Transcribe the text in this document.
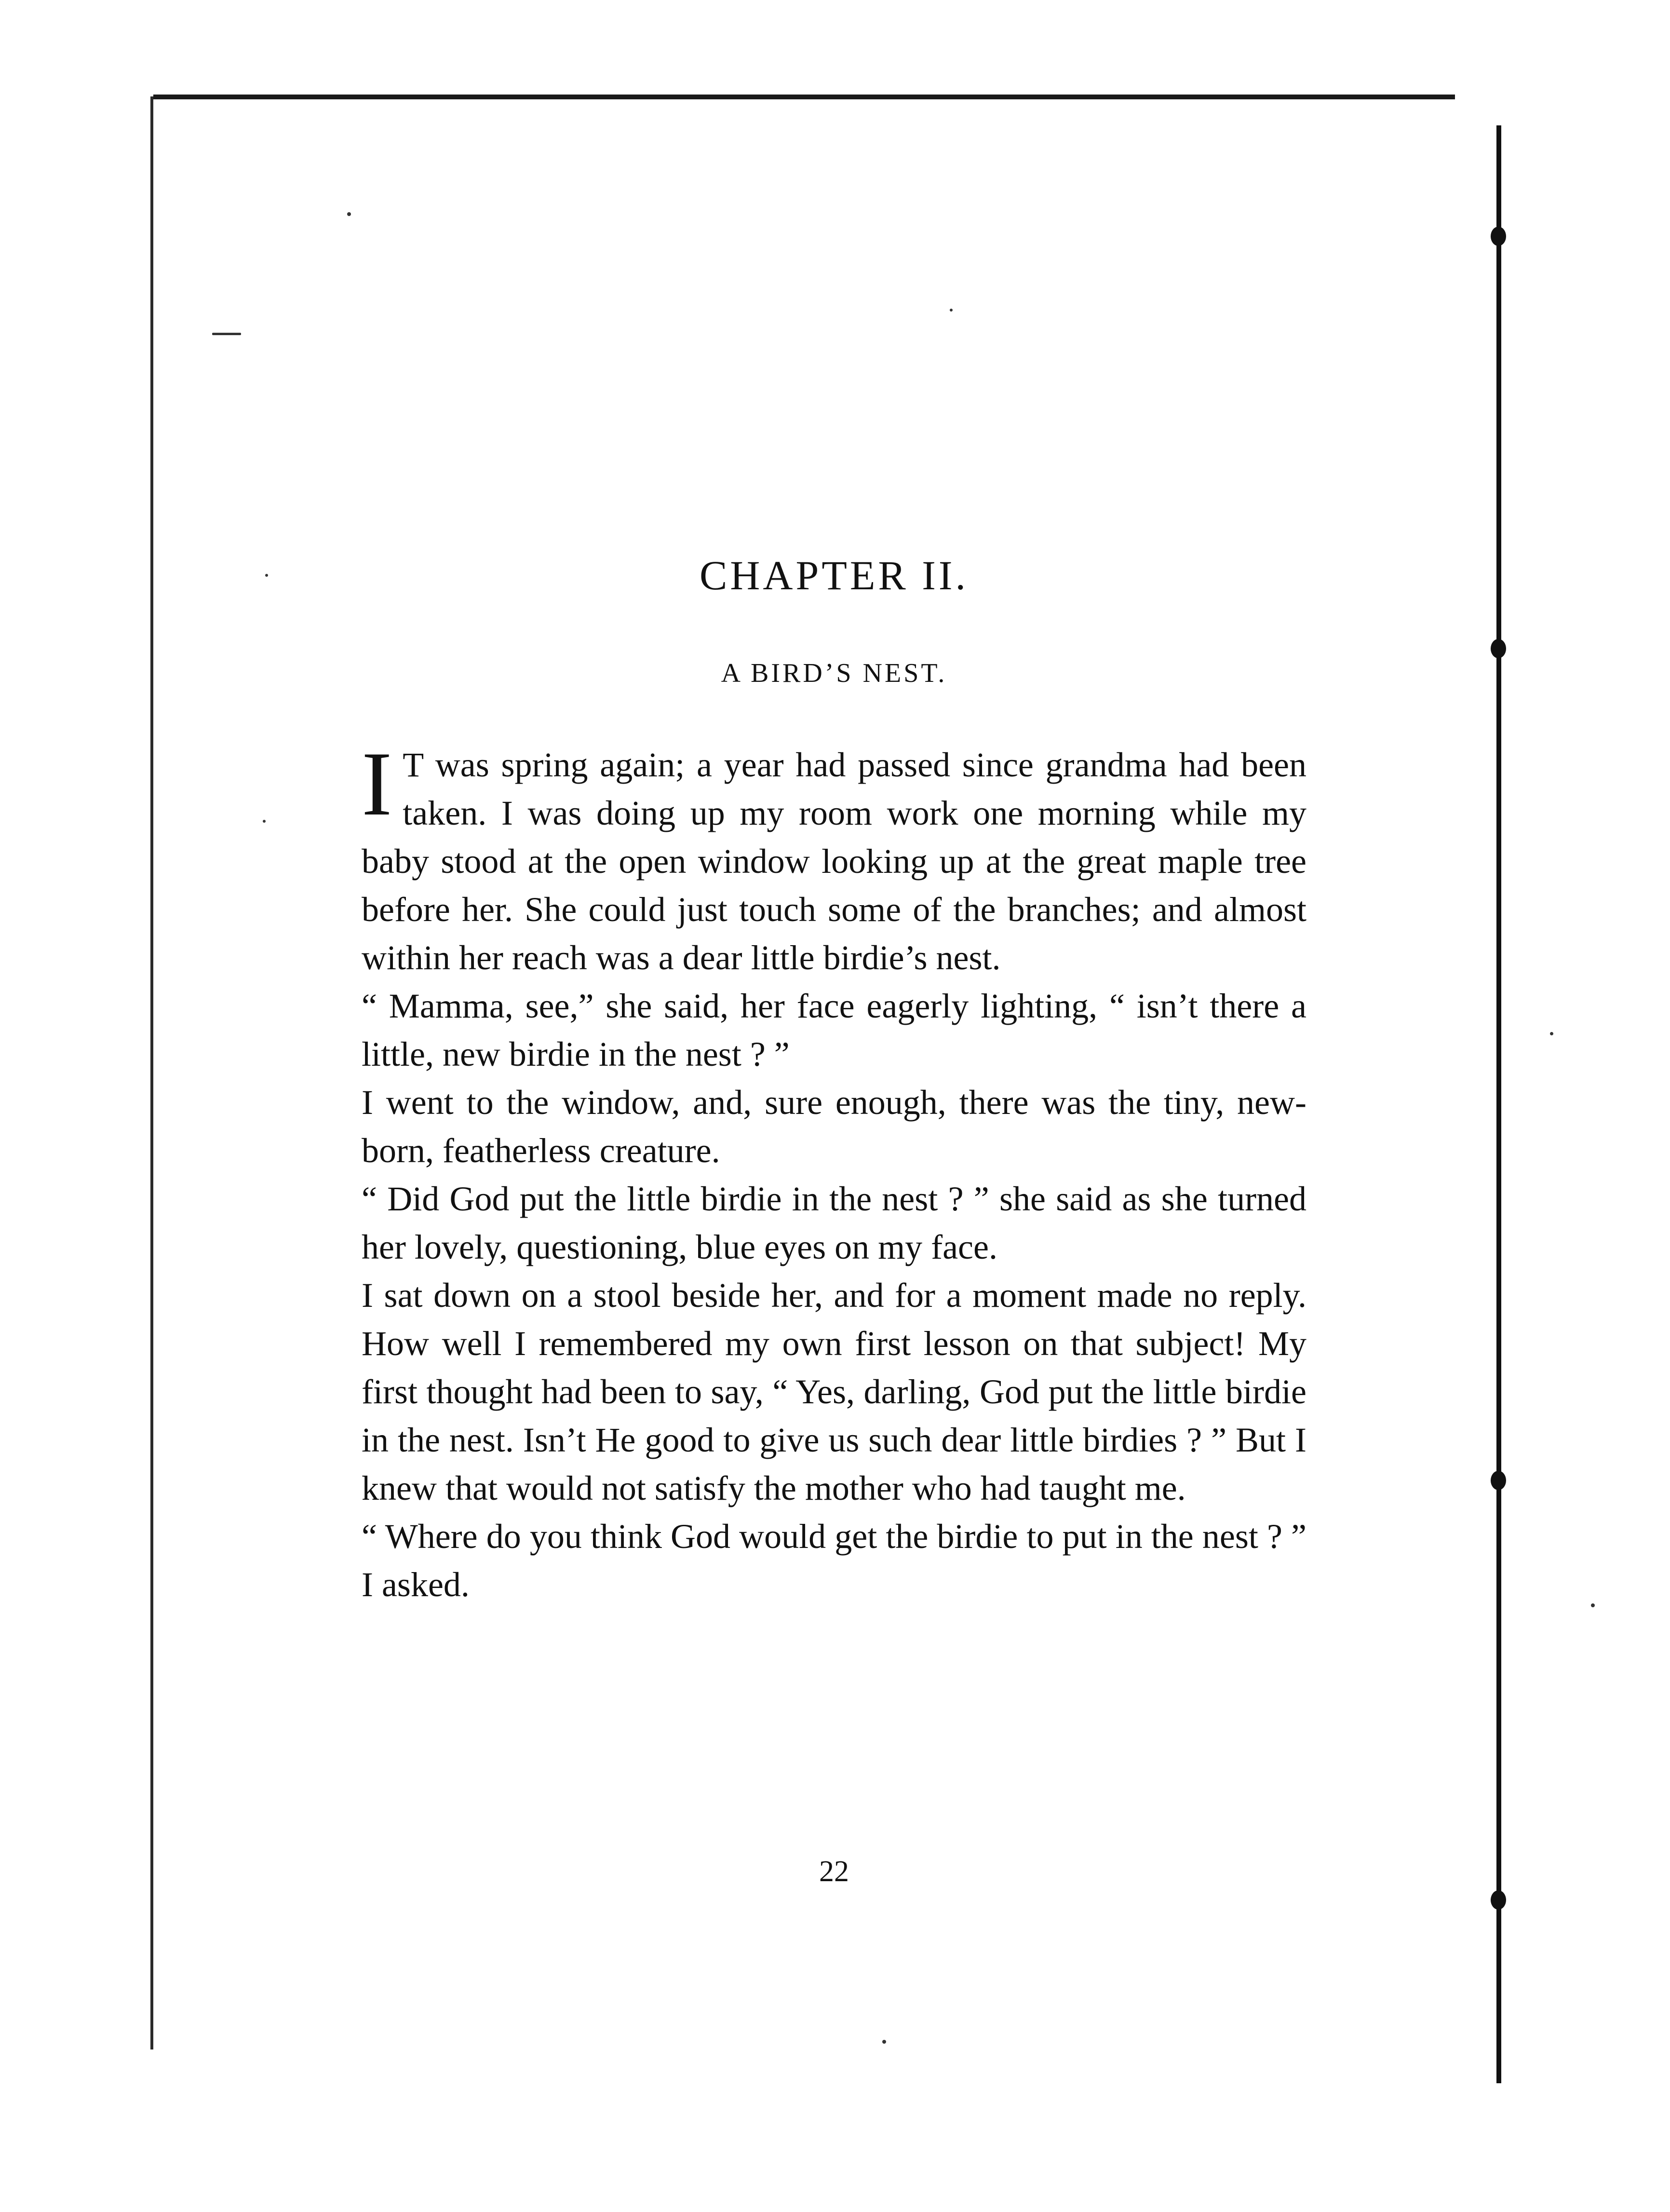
CHAPTER II.
A BIRD’S NEST.

I T was spring again; a year had passed since grandma had been taken. I was doing up my room work one morning while my baby stood at the open window looking up at the great maple tree before her. She could just touch some of the branches; and almost within her reach was a dear little birdie’s nest.

“ Mamma, see,” she said, her face eagerly lighting, “ isn’t there a little, new birdie in the nest ? ”

I went to the window, and, sure enough, there was the tiny, new-born, featherless creature.

“ Did God put the little birdie in the nest ? ” she said as she turned her lovely, questioning, blue eyes on my face.

I sat down on a stool beside her, and for a moment made no reply. How well I remembered my own first lesson on that subject! My first thought had been to say, “ Yes, darling, God put the little birdie in the nest. Isn’t He good to give us such dear little birdies ? ” But I knew that would not satisfy the mother who had taught me.

“ Where do you think God would get the birdie to put in the nest ? ” I asked.

22
